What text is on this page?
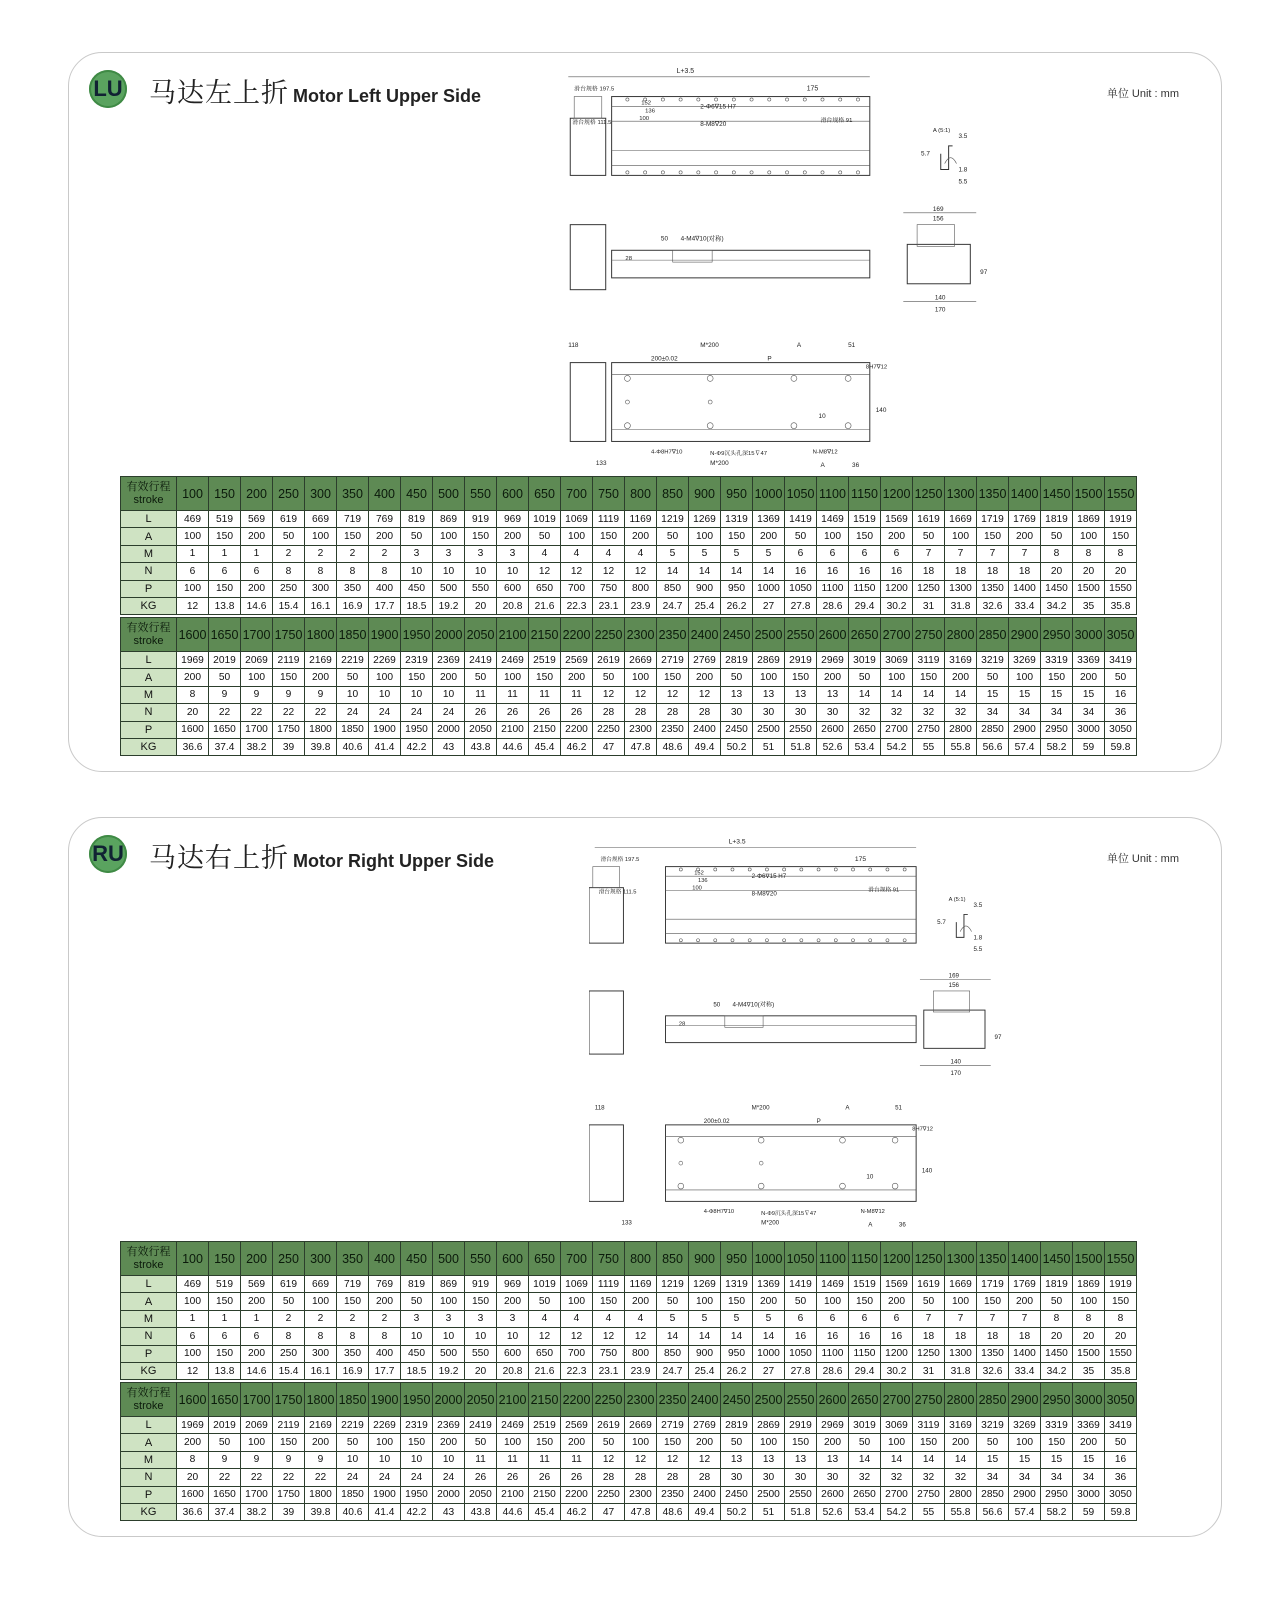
LU 马达左上折 Motor Left Upper Side	单位 Unit : mm
L+3.5
滑台规格 197.5	175
152
136
100
滑台规格 111.5	滑台规格 91
2-Φ6∇15 H7
8-M8∇20
A (5:1)
3.5
5.7
1.8
5.5
169
156
97
140
170
50 4-M4∇10(对称)
28
118	M*200	A	51
200±0.02	P
8H7∇12
10
140
4-Φ8H7∇10	N-Φ9沉头孔深15∇47	N-M8∇12
133	M*200	A	36
有效行程
stroke	100	150	200	250	300	350	400	450	500	550	600	650	700	750	800	850	900	950	1000	1050	1100	1150	1200	1250	1300	1350	1400	1450	1500	1550
L	469	519	569	619	669	719	769	819	869	919	969	1019	1069	1119	1169	1219	1269	1319	1369	1419	1469	1519	1569	1619	1669	1719	1769	1819	1869	1919
A	100	150	200	50	100	150	200	50	100	150	200	50	100	150	200	50	100	150	200	50	100	150	200	50	100	150	200	50	100	150
M	1	1	1	2	2	2	2	3	3	3	3	4	4	4	4	5	5	5	5	6	6	6	6	7	7	7	7	8	8	8
N	6	6	6	8	8	8	8	10	10	10	10	12	12	12	12	14	14	14	14	16	16	16	16	18	18	18	18	20	20	20
P	100	150	200	250	300	350	400	450	500	550	600	650	700	750	800	850	900	950	1000	1050	1100	1150	1200	1250	1300	1350	1400	1450	1500	1550
KG	12	13.8	14.6	15.4	16.1	16.9	17.7	18.5	19.2	20	20.8	21.6	22.3	23.1	23.9	24.7	25.4	26.2	27	27.8	28.6	29.4	30.2	31	31.8	32.6	33.4	34.2	35	35.8
有效行程
stroke	1600	1650	1700	1750	1800	1850	1900	1950	2000	2050	2100	2150	2200	2250	2300	2350	2400	2450	2500	2550	2600	2650	2700	2750	2800	2850	2900	2950	3000	3050
L	1969	2019	2069	2119	2169	2219	2269	2319	2369	2419	2469	2519	2569	2619	2669	2719	2769	2819	2869	2919	2969	3019	3069	3119	3169	3219	3269	3319	3369	3419
A	200	50	100	150	200	50	100	150	200	50	100	150	200	50	100	150	200	50	100	150	200	50	100	150	200	50	100	150	200	50
M	8	9	9	9	9	10	10	10	10	11	11	11	11	12	12	12	12	13	13	13	13	14	14	14	14	15	15	15	15	16
N	20	22	22	22	22	24	24	24	24	26	26	26	26	28	28	28	28	30	30	30	30	32	32	32	32	34	34	34	34	36
P	1600	1650	1700	1750	1800	1850	1900	1950	2000	2050	2100	2150	2200	2250	2300	2350	2400	2450	2500	2550	2600	2650	2700	2750	2800	2850	2900	2950	3000	3050
KG	36.6	37.4	38.2	39	39.8	40.6	41.4	42.2	43	43.8	44.6	45.4	46.2	47	47.8	48.6	49.4	50.2	51	51.8	52.6	53.4	54.2	55	55.8	56.6	57.4	58.2	59	59.8
RU 马达右上折 Motor Right Upper Side	单位 Unit : mm
L+3.5
滑台规格 197.5	175
152
136
100
滑台规格 111.5	滑台规格 91
2-Φ6∇15 H7
8-M8∇20
A (5:1)
3.5
5.7
1.8
5.5
169
156
97
140
170
50 4-M4∇10(对称)
28
118	M*200	A	51
200±0.02	P
8H7∇12
10
140
4-Φ8H7∇10	N-Φ9沉头孔深15∇47	N-M8∇12
133	M*200	A	36
有效行程
stroke	100	150	200	250	300	350	400	450	500	550	600	650	700	750	800	850	900	950	1000	1050	1100	1150	1200	1250	1300	1350	1400	1450	1500	1550
L	469	519	569	619	669	719	769	819	869	919	969	1019	1069	1119	1169	1219	1269	1319	1369	1419	1469	1519	1569	1619	1669	1719	1769	1819	1869	1919
A	100	150	200	50	100	150	200	50	100	150	200	50	100	150	200	50	100	150	200	50	100	150	200	50	100	150	200	50	100	150
M	1	1	1	2	2	2	2	3	3	3	3	4	4	4	4	5	5	5	5	6	6	6	6	7	7	7	7	8	8	8
N	6	6	6	8	8	8	8	10	10	10	10	12	12	12	12	14	14	14	14	16	16	16	16	18	18	18	18	20	20	20
P	100	150	200	250	300	350	400	450	500	550	600	650	700	750	800	850	900	950	1000	1050	1100	1150	1200	1250	1300	1350	1400	1450	1500	1550
KG	12	13.8	14.6	15.4	16.1	16.9	17.7	18.5	19.2	20	20.8	21.6	22.3	23.1	23.9	24.7	25.4	26.2	27	27.8	28.6	29.4	30.2	31	31.8	32.6	33.4	34.2	35	35.8
有效行程
stroke	1600	1650	1700	1750	1800	1850	1900	1950	2000	2050	2100	2150	2200	2250	2300	2350	2400	2450	2500	2550	2600	2650	2700	2750	2800	2850	2900	2950	3000	3050
L	1969	2019	2069	2119	2169	2219	2269	2319	2369	2419	2469	2519	2569	2619	2669	2719	2769	2819	2869	2919	2969	3019	3069	3119	3169	3219	3269	3319	3369	3419
A	200	50	100	150	200	50	100	150	200	50	100	150	200	50	100	150	200	50	100	150	200	50	100	150	200	50	100	150	200	50
M	8	9	9	9	9	10	10	10	10	11	11	11	11	12	12	12	12	13	13	13	13	14	14	14	14	15	15	15	15	16
N	20	22	22	22	22	24	24	24	24	26	26	26	26	28	28	28	28	30	30	30	30	32	32	32	32	34	34	34	34	36
P	1600	1650	1700	1750	1800	1850	1900	1950	2000	2050	2100	2150	2200	2250	2300	2350	2400	2450	2500	2550	2600	2650	2700	2750	2800	2850	2900	2950	3000	3050
KG	36.6	37.4	38.2	39	39.8	40.6	41.4	42.2	43	43.8	44.6	45.4	46.2	47	47.8	48.6	49.4	50.2	51	51.8	52.6	53.4	54.2	55	55.8	56.6	57.4	58.2	59	59.8
